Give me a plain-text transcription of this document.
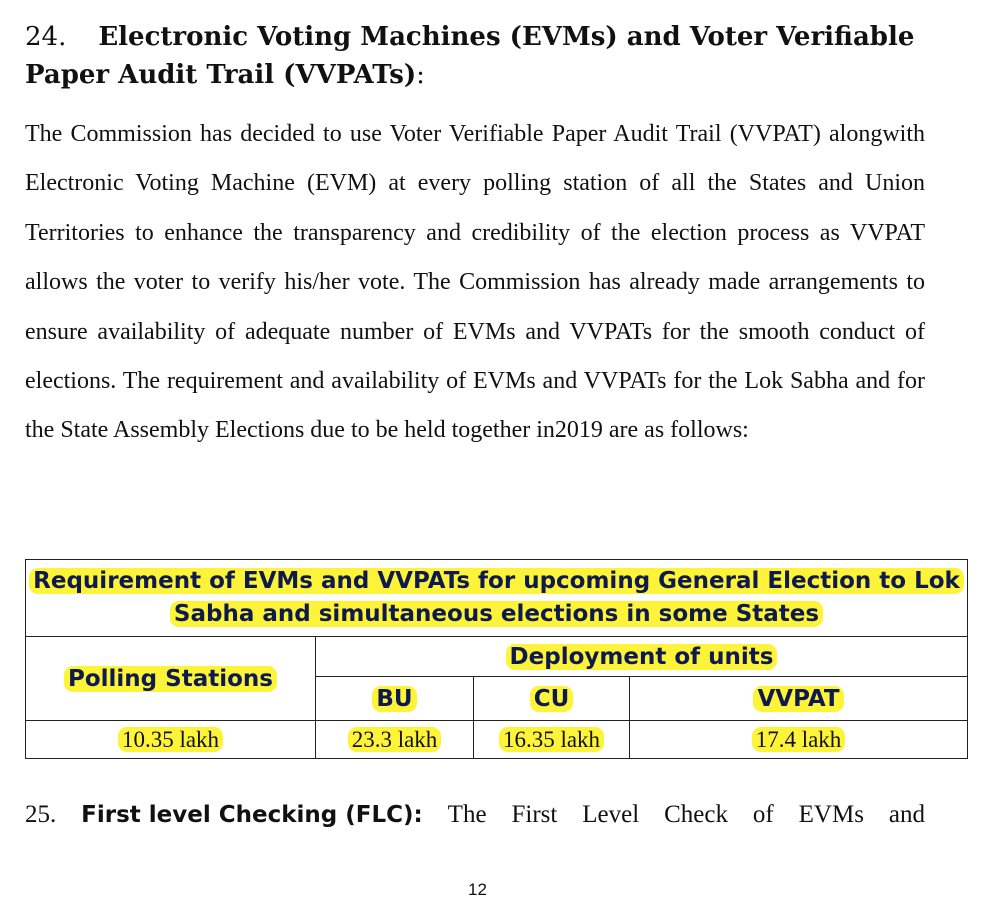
24. Electronic Voting Machines (EVMs) and Voter Verifiable Paper Audit Trail (VVPATs):
The Commission has decided to use Voter Verifiable Paper Audit Trail (VVPAT) alongwith Electronic Voting Machine (EVM) at every polling station of all the States and Union Territories to enhance the transparency and credibility of the election process as VVPAT allows the voter to verify his/her vote. The Commission has already made arrangements to ensure availability of adequate number of EVMs and VVPATs for the smooth conduct of elections. The requirement and availability of EVMs and VVPATs for the Lok Sabha and for the State Assembly Elections due to be held together in2019 are as follows:
Requirement of EVMs and VVPATs for upcoming General Election to Lok Sabha and simultaneous elections in some States			
Polling Stations	Deployment of units		
	BU	CU	VVPAT
10.35 lakh	23.3 lakh	16.35 lakh	17.4 lakh
25. First level Checking (FLC): The First Level Check of EVMs and
12
